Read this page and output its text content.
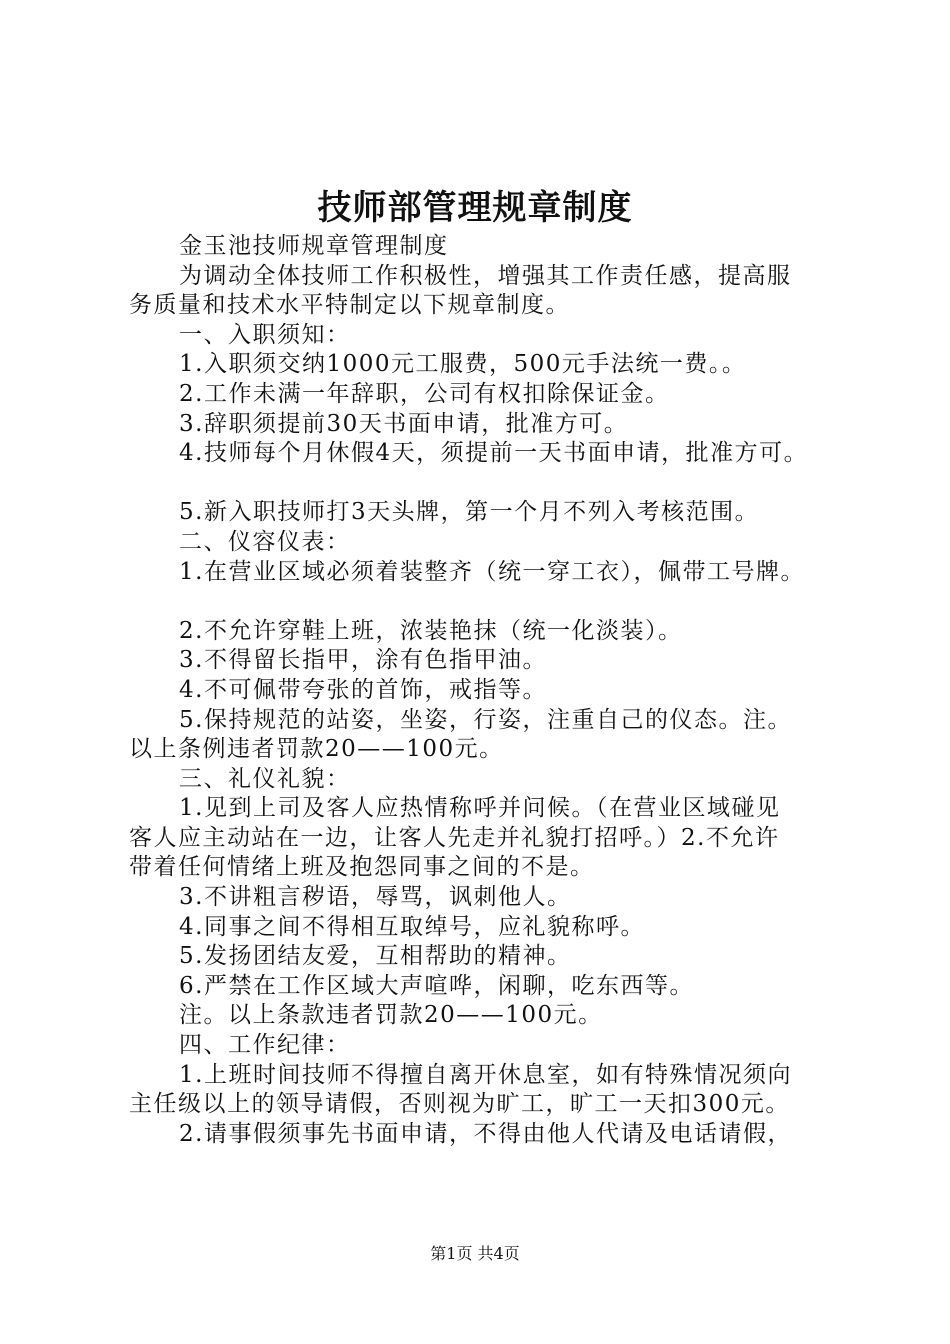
技师部管理规章制度
金玉池技师规章管理制度
为调动全体技师工作积极性，增强其工作责任感，提高服
务质量和技术水平特制定以下规章制度。
一、入职须知：
1.入职须交纳1000元工服费，500元手法统一费。。
2.工作未满一年辞职，公司有权扣除保证金。
3.辞职须提前30天书面申请，批准方可。
4.技师每个月休假4天，须提前一天书面申请，批准方可。
5.新入职技师打3天头牌，第一个月不列入考核范围。
二、仪容仪表：
1.在营业区域必须着装整齐（统一穿工衣），佩带工号牌。
2.不允许穿鞋上班，浓装艳抹（统一化淡装）。
3.不得留长指甲，涂有色指甲油。
4.不可佩带夸张的首饰，戒指等。
5.保持规范的站姿，坐姿，行姿，注重自己的仪态。注。
以上条例违者罚款20——100元。
三、礼仪礼貌：
1.见到上司及客人应热情称呼并问候。（在营业区域碰见
客人应主动站在一边，让客人先走并礼貌打招呼。）2.不允许
带着任何情绪上班及抱怨同事之间的不是。
3.不讲粗言秽语，辱骂，讽刺他人。
4.同事之间不得相互取绰号，应礼貌称呼。
5.发扬团结友爱，互相帮助的精神。
6.严禁在工作区域大声喧哗，闲聊，吃东西等。
注。以上条款违者罚款20——100元。
四、工作纪律：
1.上班时间技师不得擅自离开休息室，如有特殊情况须向
主任级以上的领导请假，否则视为旷工，旷工一天扣300元。
2.请事假须事先书面申请，不得由他人代请及电话请假，
第1页 共4页
